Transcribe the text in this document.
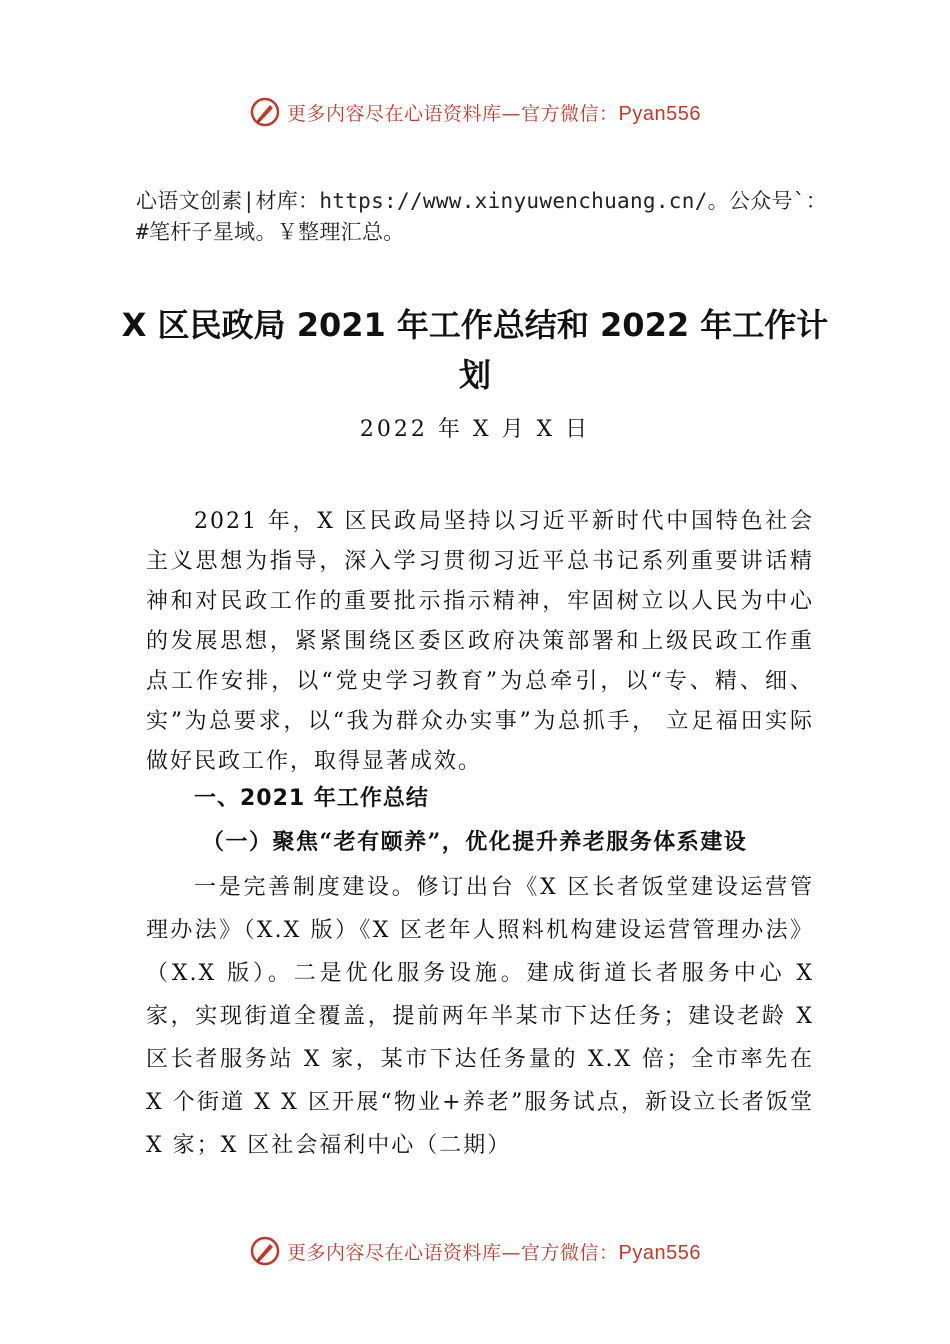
更多内容尽在心语资料库—官方微信：Pyan556
心语文创素|材库：https://www.xinyuwenchuang.cn/。公众号`：#笔杆子星域。￥整理汇总。
X 区民政局 2021 年工作总结和 2022 年工作计划
2022 年 X 月 X 日
2021 年，X 区民政局坚持以习近平新时代中国特色社会主义思想为指导，深入学习贯彻习近平总书记系列重要讲话精神和对民政工作的重要批示指示精神，牢固树立以人民为中心的发展思想，紧紧围绕区委区政府决策部署和上级民政工作重点工作安排，以“党史学习教育”为总牵引，以“专、精、细、实”为总要求，以“我为群众办实事”为总抓手， 立足福田实际做好民政工作，取得显著成效。
一、2021 年工作总结
（一）聚焦“老有颐养”，优化提升养老服务体系建设
一是完善制度建设。修订出台《X 区长者饭堂建设运营管理办法》（X.X 版）《X 区老年人照料机构建设运营管理办法》（X.X 版）。二是优化服务设施。建成街道长者服务中心 X 家，实现街道全覆盖，提前两年半某市下达任务；建设老龄 X 区长者服务站 X 家，某市下达任务量的 X.X 倍；全市率先在 X 个街道 X X 区开展“物业+养老”服务试点，新设立长者饭堂 X 家；X 区社会福利中心（二期）
更多内容尽在心语资料库—官方微信：Pyan556
